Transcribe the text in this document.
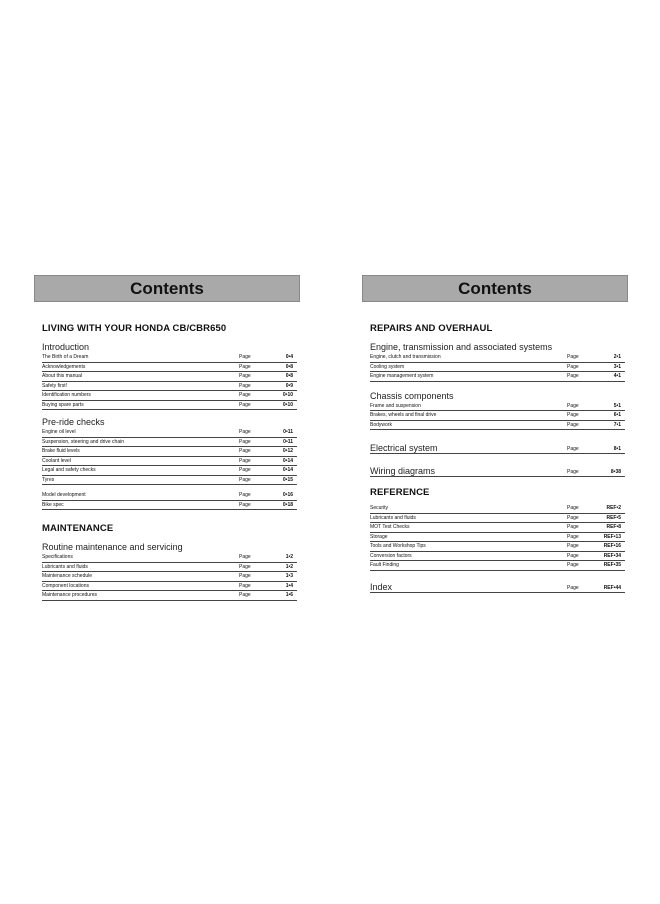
Contents
LIVING WITH YOUR HONDA CB/CBR650
Introduction
The Birth of a Dream	Page	0•4
Acknowledgements	Page	0•8
About this manual	Page	0•8
Safety first!	Page	0•9
Identification numbers	Page	0•10
Buying spare parts	Page	0•10
Pre-ride checks
Engine oil level	Page	0•11
Suspension, steering and drive chain	Page	0•11
Brake fluid levels	Page	0•12
Coolant level	Page	0•14
Legal and safety checks	Page	0•14
Tyres	Page	0•15
Model development	Page	0•16
Bike spec	Page	0•18
MAINTENANCE
Routine maintenance and servicing
Specifications	Page	1•2
Lubricants and fluids	Page	1•2
Maintenance schedule	Page	1•3
Component locations	Page	1•4
Maintenance procedures	Page	1•6
Contents
REPAIRS AND OVERHAUL
Engine, transmission and associated systems
Engine, clutch and transmission	Page	2•1
Cooling system	Page	3•1
Engine management system	Page	4•1
Chassis components
Frame and suspension	Page	5•1
Brakes, wheels and final drive	Page	6•1
Bodywork	Page	7•1
Electrical system	Page	8•1
Wiring diagrams	Page	8•38
REFERENCE
Security	Page	REF•2
Lubricants and fluids	Page	REF•5
MOT Test Checks	Page	REF•8
Storage	Page	REF•13
Tools and Workshop Tips	Page	REF•16
Conversion factors	Page	REF•34
Fault Finding	Page	REF•35
Index	Page	REF•44
